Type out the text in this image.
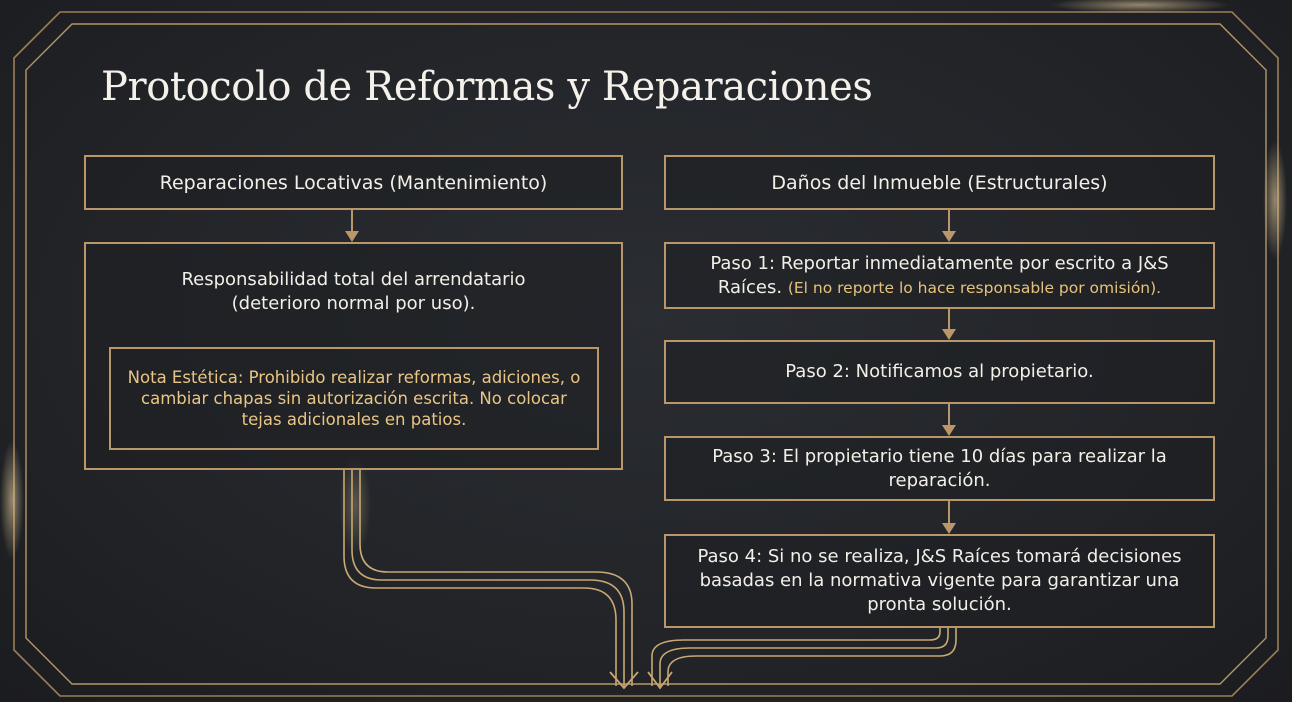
Protocolo de Reformas y Reparaciones
Reparaciones Locativas (Mantenimiento)
Responsabilidad total del arrendatario (deterioro normal por uso).
Nota Estética: Prohibido realizar reformas, adiciones, o cambiar chapas sin autorización escrita. No colocar tejas adicionales en patios.
Daños del Inmueble (Estructurales)
Paso 1: Reportar inmediatamente por escrito a J&S Raíces. (El no reporte lo hace responsable por omisión).
Paso 2: Notificamos al propietario.
Paso 3: El propietario tiene 10 días para realizar la reparación.
Paso 4: Si no se realiza, J&S Raíces tomará decisiones basadas en la normativa vigente para garantizar una pronta solución.
